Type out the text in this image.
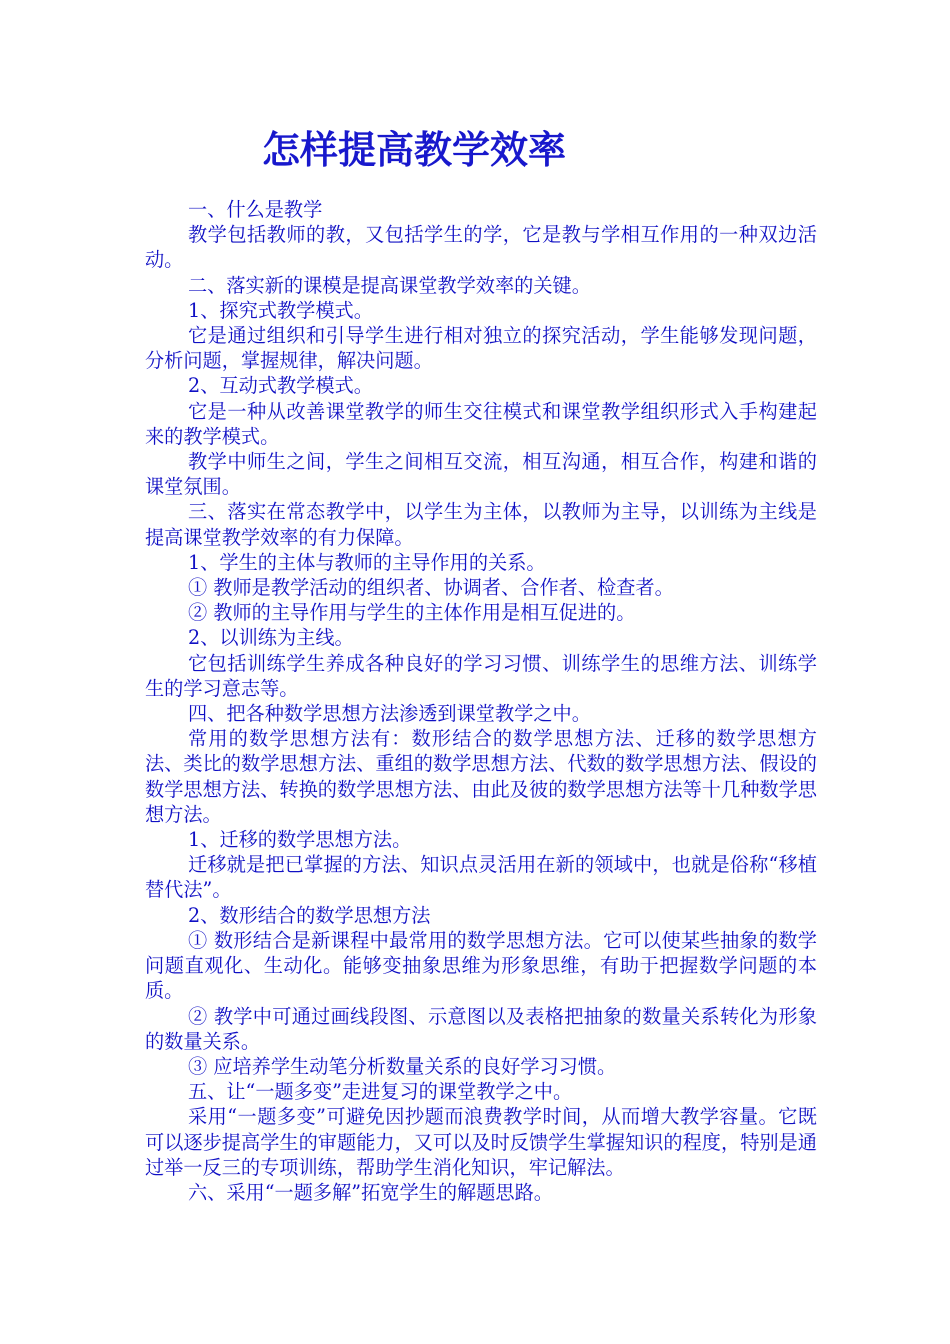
怎样提高教学效率

一、什么是教学

教学包括教师的教，又包括学生的学，它是教与学相互作用的一种双边活动。

二、落实新的课模是提高课堂教学效率的关键。

1、探究式教学模式。

它是通过组织和引导学生进行相对独立的探究活动，学生能够发现问题，分析问题，掌握规律，解决问题。

2、互动式教学模式。

它是一种从改善课堂教学的师生交往模式和课堂教学组织形式入手构建起来的教学模式。

教学中师生之间，学生之间相互交流，相互沟通，相互合作，构建和谐的课堂氛围。

三、落实在常态教学中，以学生为主体，以教师为主导，以训练为主线是提高课堂教学效率的有力保障。

1、学生的主体与教师的主导作用的关系。

① 教师是教学活动的组织者、协调者、合作者、检查者。

② 教师的主导作用与学生的主体作用是相互促进的。

2、以训练为主线。

它包括训练学生养成各种良好的学习习惯、训练学生的思维方法、训练学生的学习意志等。

四、把各种数学思想方法渗透到课堂教学之中。

常用的数学思想方法有：数形结合的数学思想方法、迁移的数学思想方法、类比的数学思想方法、重组的数学思想方法、代数的数学思想方法、假设的数学思想方法、转换的数学思想方法、由此及彼的数学思想方法等十几种数学思想方法。

1、迁移的数学思想方法。

迁移就是把已掌握的方法、知识点灵活用在新的领域中，也就是俗称“移植替代法”。

2、数形结合的数学思想方法

① 数形结合是新课程中最常用的数学思想方法。它可以使某些抽象的数学问题直观化、生动化。能够变抽象思维为形象思维，有助于把握数学问题的本质。

② 教学中可通过画线段图、示意图以及表格把抽象的数量关系转化为形象的数量关系。

③ 应培养学生动笔分析数量关系的良好学习习惯。

五、让“一题多变”走进复习的课堂教学之中。

采用“一题多变”可避免因抄题而浪费教学时间，从而增大教学容量。它既可以逐步提高学生的审题能力，又可以及时反馈学生掌握知识的程度，特别是通过举一反三的专项训练，帮助学生消化知识，牢记解法。

六、采用“一题多解”拓宽学生的解题思路。
